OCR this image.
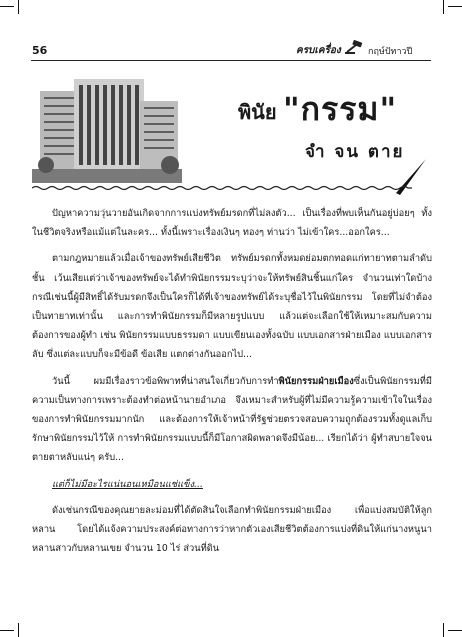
56	ครบเครื่อง	กฤษ์ปัทาวปี
พินัย "กรรม"
จำ จน ตาย

ปัญหาความวุ่นวายอันเกิดจากการแบ่งทรัพย์มรดกที่ไม่ลงตัว... เป็นเรื่องที่พบเห็นกันอยู่บ่อยๆ ทั้งในชีวิตจริงหรือแม้แต่ในละคร... ทั้งนี้เพราะเรื่องเงินๆ ทองๆ ท่านว่า ไม่เข้าใคร...ออกใคร...

ตามกฎหมายแล้วเมื่อเจ้าของทรัพย์เสียชีวิต ทรัพย์มรดกทั้งหมดย่อมตกทอดแก่ทายาทตามลำดับชั้น เว้นเสียแต่ว่าเจ้าของทรัพย์จะได้ทำพินัยกรรมระบุว่าจะให้ทรัพย์สินชิ้นแก่ใคร จำนวนเท่าใดบ้าง กรณีเช่นนี้ผู้มีสิทธิ์ได้รับมรดกจึงเป็นใครก็ได้ที่เจ้าของทรัพย์ได้ระบุชื่อไว้ในพินัยกรรม โดยที่ไม่จำต้องเป็นทายาทเท่านั้น และการทำพินัยกรรมก็มีหลายรูปแบบ แล้วแต่จะเลือกใช้ให้เหมาะสมกับความต้องการของผู้ทำ เช่น พินัยกรรมแบบธรรมดา แบบเขียนเองทั้งฉบับ แบบเอกสารฝ่ายเมือง แบบเอกสารลับ ซึ่งแต่ละแบบก็จะมีข้อดี ข้อเสีย แตกต่างกันออกไป...

วันนี้ ผมมีเรื่องราวข้อพิพาทที่น่าสนใจเกี่ยวกับการทำพินัยกรรมฝ่ายเมืองซึ่งเป็นพินัยกรรมที่มีความเป็นทางการเพราะต้องทำต่อหน้านายอำเภอ จึงเหมาะสำหรับผู้ที่ไม่มีความรู้ความเข้าใจในเรื่องของการทำพินัยกรรมมากนัก และต้องการให้เจ้าหน้าที่รัฐช่วยตรวจสอบความถูกต้องรวมทั้งดูแลเก็บรักษาพินัยกรรมไว้ให้ การทำพินัยกรรมแบบนี้ก็มีโอกาสผิดพลาดจึงมีน้อย... เรียกได้ว่า ผู้ทำสบายใจจนตายตาหลับแน่ๆ ครับ...

แต่ก็ไม่มีอะไรแน่นอนเหมือนแช่แข็ง...

ดังเช่นกรณีของคุณยายละม่อมที่ได้ตัดสินใจเลือกทำพินัยกรรมฝ่ายเมือง เพื่อแบ่งสมบัติให้ลูกหลาน โดยได้แจ้งความประสงค์ต่อทางการว่าหากตัวเองเสียชีวิตต้องการแบ่งที่ดินให้แก่นางหนูนา หลานสาวกับหลานเขย จำนวน 10 ไร่ ส่วนที่ดิน
